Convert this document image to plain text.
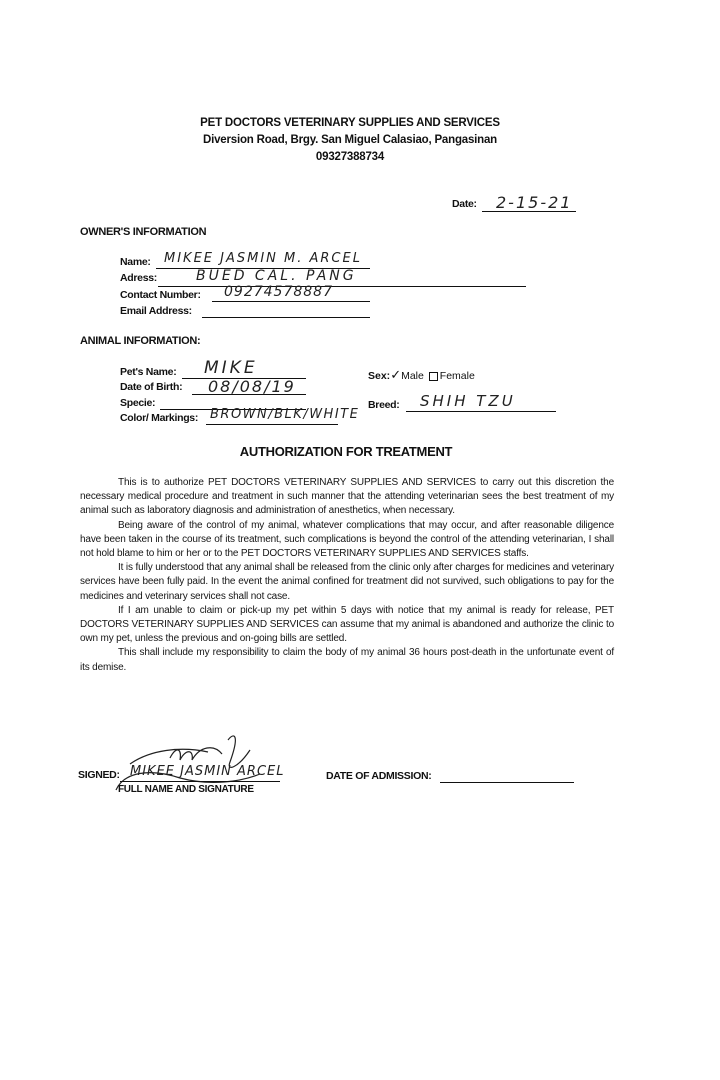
PET DOCTORS VETERINARY SUPPLIES AND SERVICES
Diversion Road, Brgy. San Miguel Calasiao, Pangasinan
09327388734
Date: 2-15-21
OWNER'S INFORMATION
Name: MIKEE JASMIN M. ARCEL
Adress:	BUED CAL. PANG
Contact Number: 09274578887
Email Address:
ANIMAL INFORMATION:
Pet's Name: MIKE
Date of Birth: 08/08/19
Specie:
Color/ Markings: BROWN/BLK/WHITE
Sex:✓Male Female
Breed: SHIH TZU
AUTHORIZATION FOR TREATMENT

This is to authorize PET DOCTORS VETERINARY SUPPLIES AND SERVICES to carry out this discretion the necessary medical procedure and treatment in such manner that the attending veterinarian sees the best treatment of my animal such as laboratory diagnosis and administration of anesthetics, when necessary.

Being aware of the control of my animal, whatever complications that may occur, and after reasonable diligence have been taken in the course of its treatment, such complications is beyond the control of the attending veterinarian, I shall not hold blame to him or her or to the PET DOCTORS VETERINARY SUPPLIES AND SERVICES staffs.

It is fully understood that any animal shall be released from the clinic only after charges for medicines and veterinary services have been fully paid. In the event the animal confined for treatment did not survived, such obligations to pay for the medicines and veterinary services shall not case.

If I am unable to claim or pick-up my pet within 5 days with notice that my animal is ready for release, PET DOCTORS VETERINARY SUPPLIES AND SERVICES can assume that my animal is abandoned and authorize the clinic to own my pet, unless the previous and on-going bills are settled.

This shall include my responsibility to claim the body of my animal 36 hours post-death in the unfortunate event of its demise.

SIGNED: MIKEE JASMIN ARCEL
FULL NAME AND SIGNATURE
DATE OF ADMISSION:
